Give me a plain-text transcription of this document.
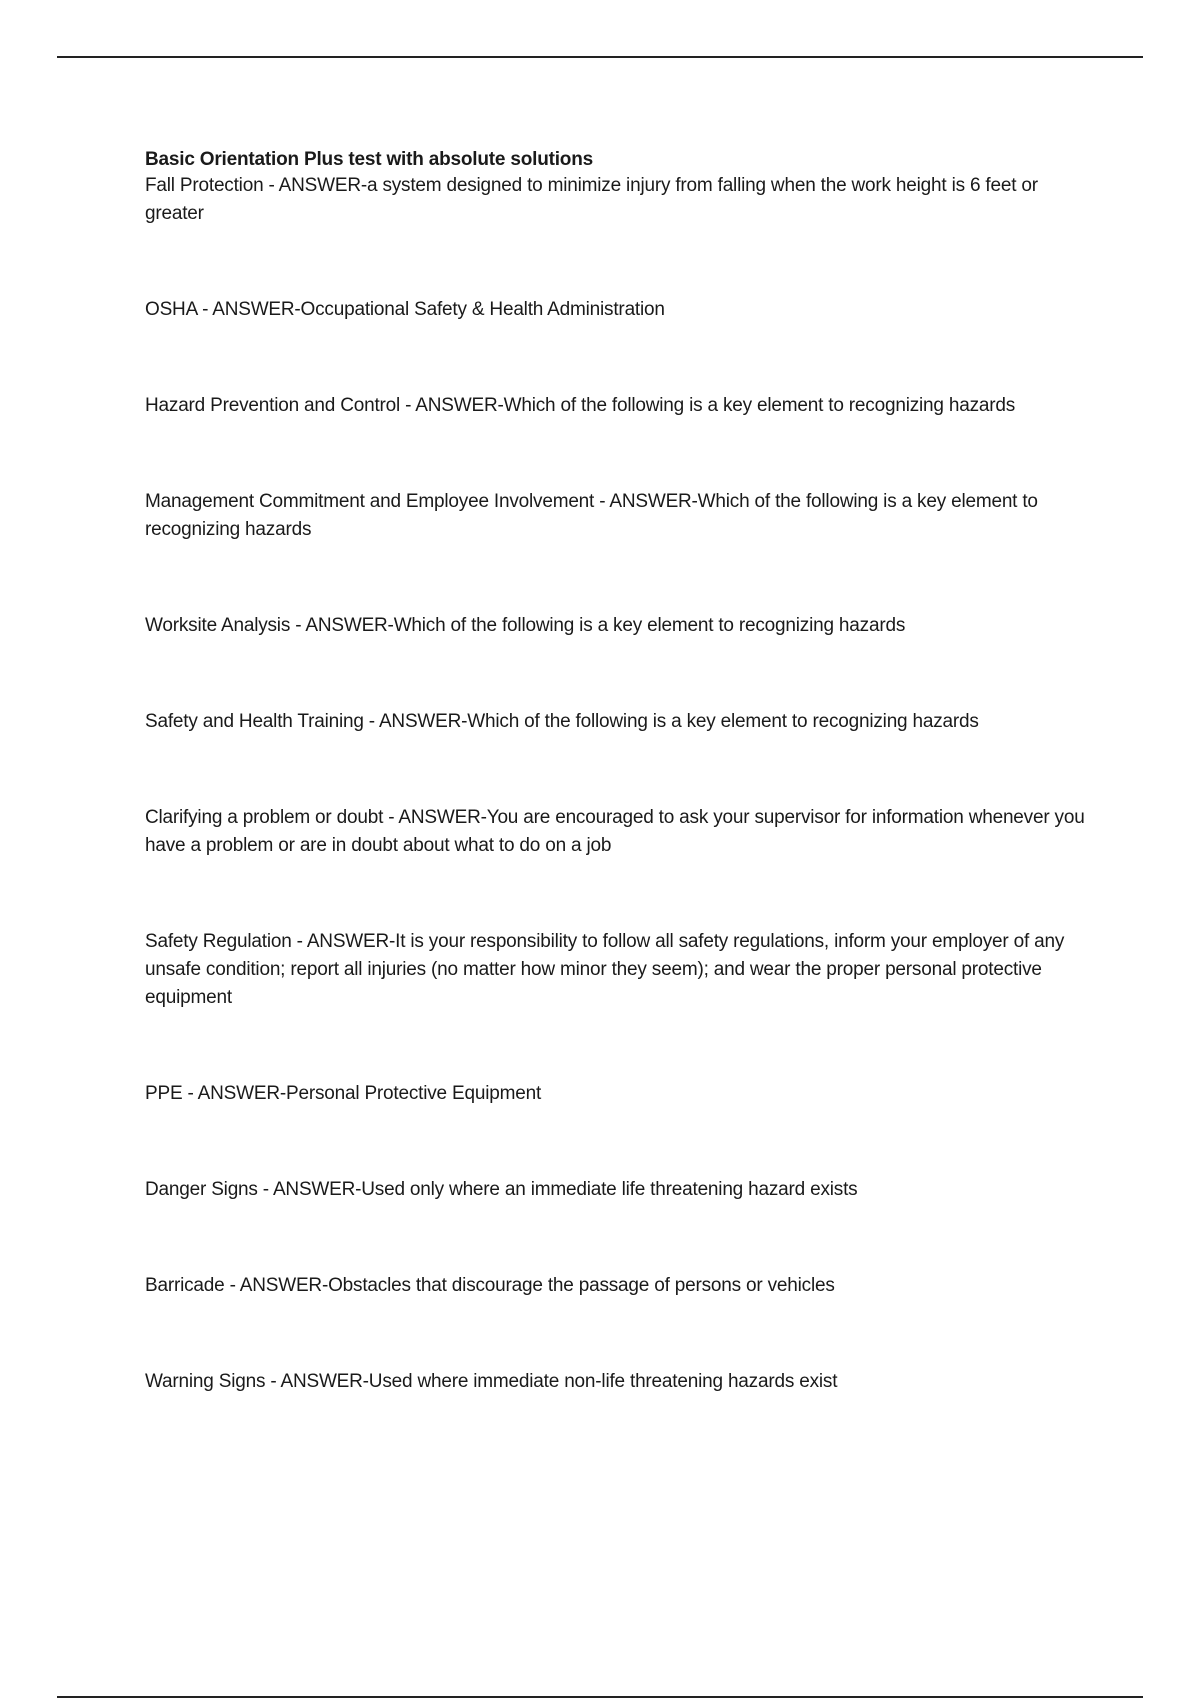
Basic Orientation Plus test with absolute solutions

Fall Protection - ANSWER-a system designed to minimize injury from falling when the work height is 6 feet or greater

OSHA - ANSWER-Occupational Safety & Health Administration

Hazard Prevention and Control - ANSWER-Which of the following is a key element to recognizing hazards

Management Commitment and Employee Involvement - ANSWER-Which of the following is a key element to recognizing hazards

Worksite Analysis - ANSWER-Which of the following is a key element to recognizing hazards

Safety and Health Training - ANSWER-Which of the following is a key element to recognizing hazards

Clarifying a problem or doubt - ANSWER-You are encouraged to ask your supervisor for information whenever you have a problem or are in doubt about what to do on a job

Safety Regulation - ANSWER-It is your responsibility to follow all safety regulations, inform your employer of any unsafe condition; report all injuries (no matter how minor they seem); and wear the proper personal protective equipment

PPE - ANSWER-Personal Protective Equipment

Danger Signs - ANSWER-Used only where an immediate life threatening hazard exists

Barricade - ANSWER-Obstacles that discourage the passage of persons or vehicles

Warning Signs - ANSWER-Used where immediate non-life threatening hazards exist
